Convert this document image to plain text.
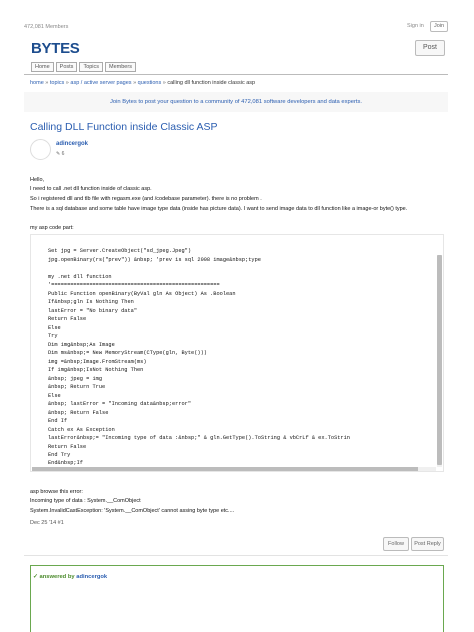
472,081 Members	Sign in	Join
BYTES	Post
Home	Posts	Topics	Members
home » topics » asp / active server pages » questions » calling dll function inside classic asp
Join Bytes to post your question to a community of 472,081 software developers and data experts.
Calling DLL Function inside Classic ASP
adincergok
✎ 6
Hello,
I need to call .net dll function inside of classic asp.
So i registered dll and tlb file with regasm.exe (and /codebase parameter). there is no problem .
There is a sql database and some table have image type data (inside has picture data). I want to send image data to dll function like a image-or byte() type.
my asp code part:
Set jpg = Server.CreateObject("sd_jpeg.Jpeg")
jpg.openBinary(rs("prev")) &nbsp; 'prev is sql 2008 image&nbsp;type
my .net dll function
'=====================================================
Public Function openBinary(ByVal gln As Object) As .Boolean
If&nbsp;gln Is Nothing Then
lastError = "No binary data"
Return False
Else
Try
Dim img&nbsp;As Image
Dim ms&nbsp;= New MemoryStream(CType(gln, Byte()))
img =&nbsp;Image.FromStream(ms)
If img&nbsp;IsNot Nothing Then
&nbsp; jpeg = img
&nbsp; Return True
Else
&nbsp; lastError = "Incoming data&nbsp;error"
&nbsp; Return False
End If
Catch ex As Exception
lastError&nbsp;= "Incoming type of data :&nbsp;" & gln.GetType().ToString & vbCrLf & ex.ToStrin
Return False
End Try
End&nbsp;If
asp browse this error:
Incoming type of data : System.__ComObject
System.InvalidCastException: 'System.__ComObject' cannot assing byte type etc....
Dec 25 '14 #1
Follow	Post Reply
✓ answered by adincergok
